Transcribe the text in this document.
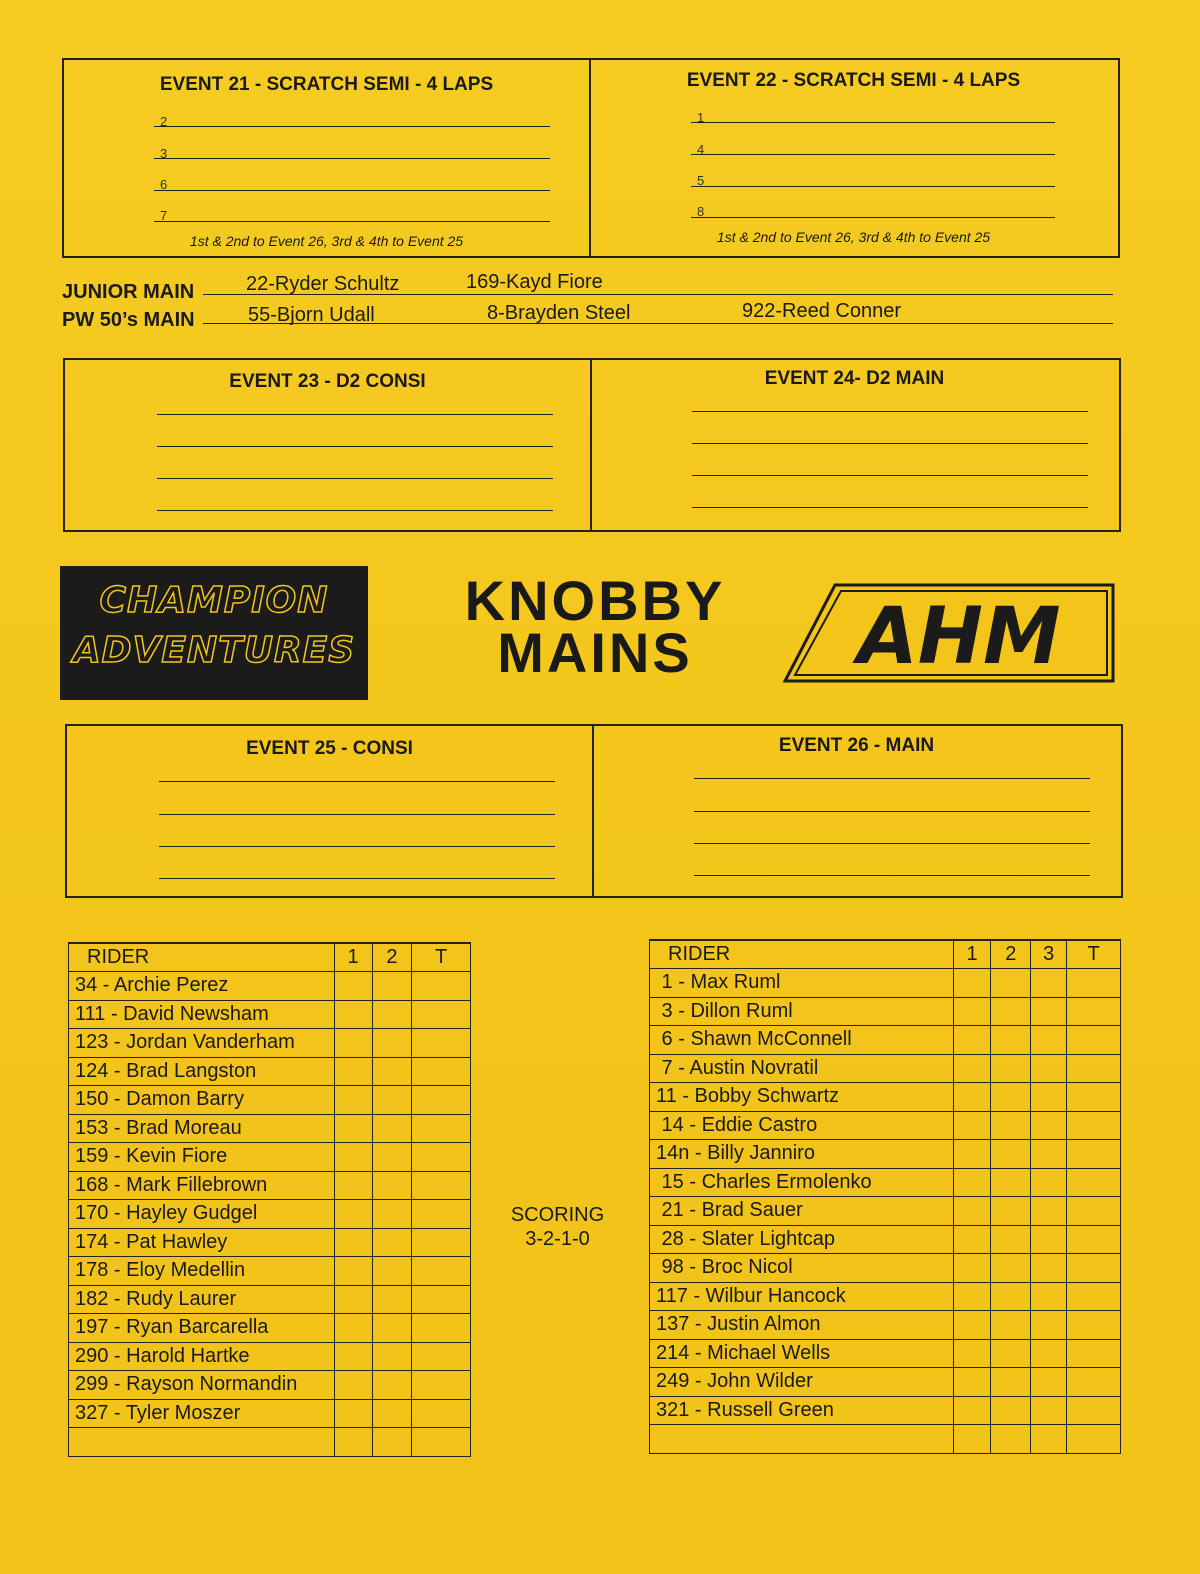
EVENT 21 - SCRATCH SEMI - 4 LAPS
2
3
6
7
1st & 2nd to Event 26, 3rd & 4th to Event 25
EVENT 22 - SCRATCH SEMI - 4 LAPS
1
4
5
8
1st & 2nd to Event 26, 3rd & 4th to Event 25
JUNIOR MAIN	22-Ryder Schultz	169-Kayd Fiore
PW 50’s MAIN	55-Bjorn Udall	8-Brayden Steel	922-Reed Conner
EVENT 23 - D2 CONSI	EVENT 24- D2 MAIN
CHAMPION
ADVENTURES
KNOBBY
MAINS	AHM
EVENT 25 - CONSI	EVENT 26 - MAIN
RIDER	1	2	T
34 - Archie Perez			
111 - David Newsham			
123 - Jordan Vanderham			
124 - Brad Langston			
150 - Damon Barry			
153 - Brad Moreau			
159 - Kevin Fiore			
168 - Mark Fillebrown			
170 - Hayley Gudgel			
174 - Pat Hawley			
178 - Eloy Medellin			
182 - Rudy Laurer			
197 - Ryan Barcarella			
290 - Harold Hartke			
299 - Rayson Normandin			
327 - Tyler Moszer			

SCORING
3-2-1-0
RIDER	1	2	3	T
1 - Max Ruml				
3 - Dillon Ruml				
6 - Shawn McConnell				
7 - Austin Novratil				
11 - Bobby Schwartz				
14 - Eddie Castro				
14n - Billy Janniro				
15 - Charles Ermolenko				
21 - Brad Sauer				
28 - Slater Lightcap				
98 - Broc Nicol				
117 - Wilbur Hancock				
137 - Justin Almon				
214 - Michael Wells				
249 - John Wilder				
321 - Russell Green				
